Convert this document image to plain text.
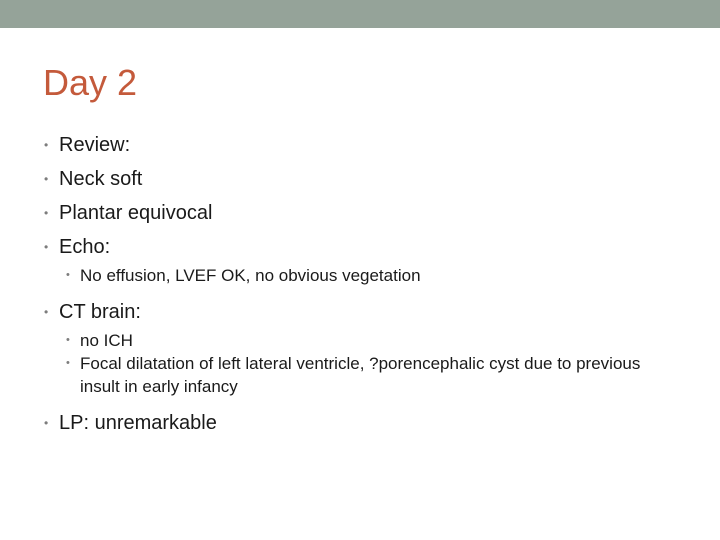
Day 2
• Review:
• Neck soft
• Plantar equivocal
• Echo:
• No effusion, LVEF OK, no obvious vegetation
• CT brain:
• no ICH
• Focal dilatation of left lateral ventricle, ?porencephalic cyst due to previous insult in early infancy
• LP: unremarkable
